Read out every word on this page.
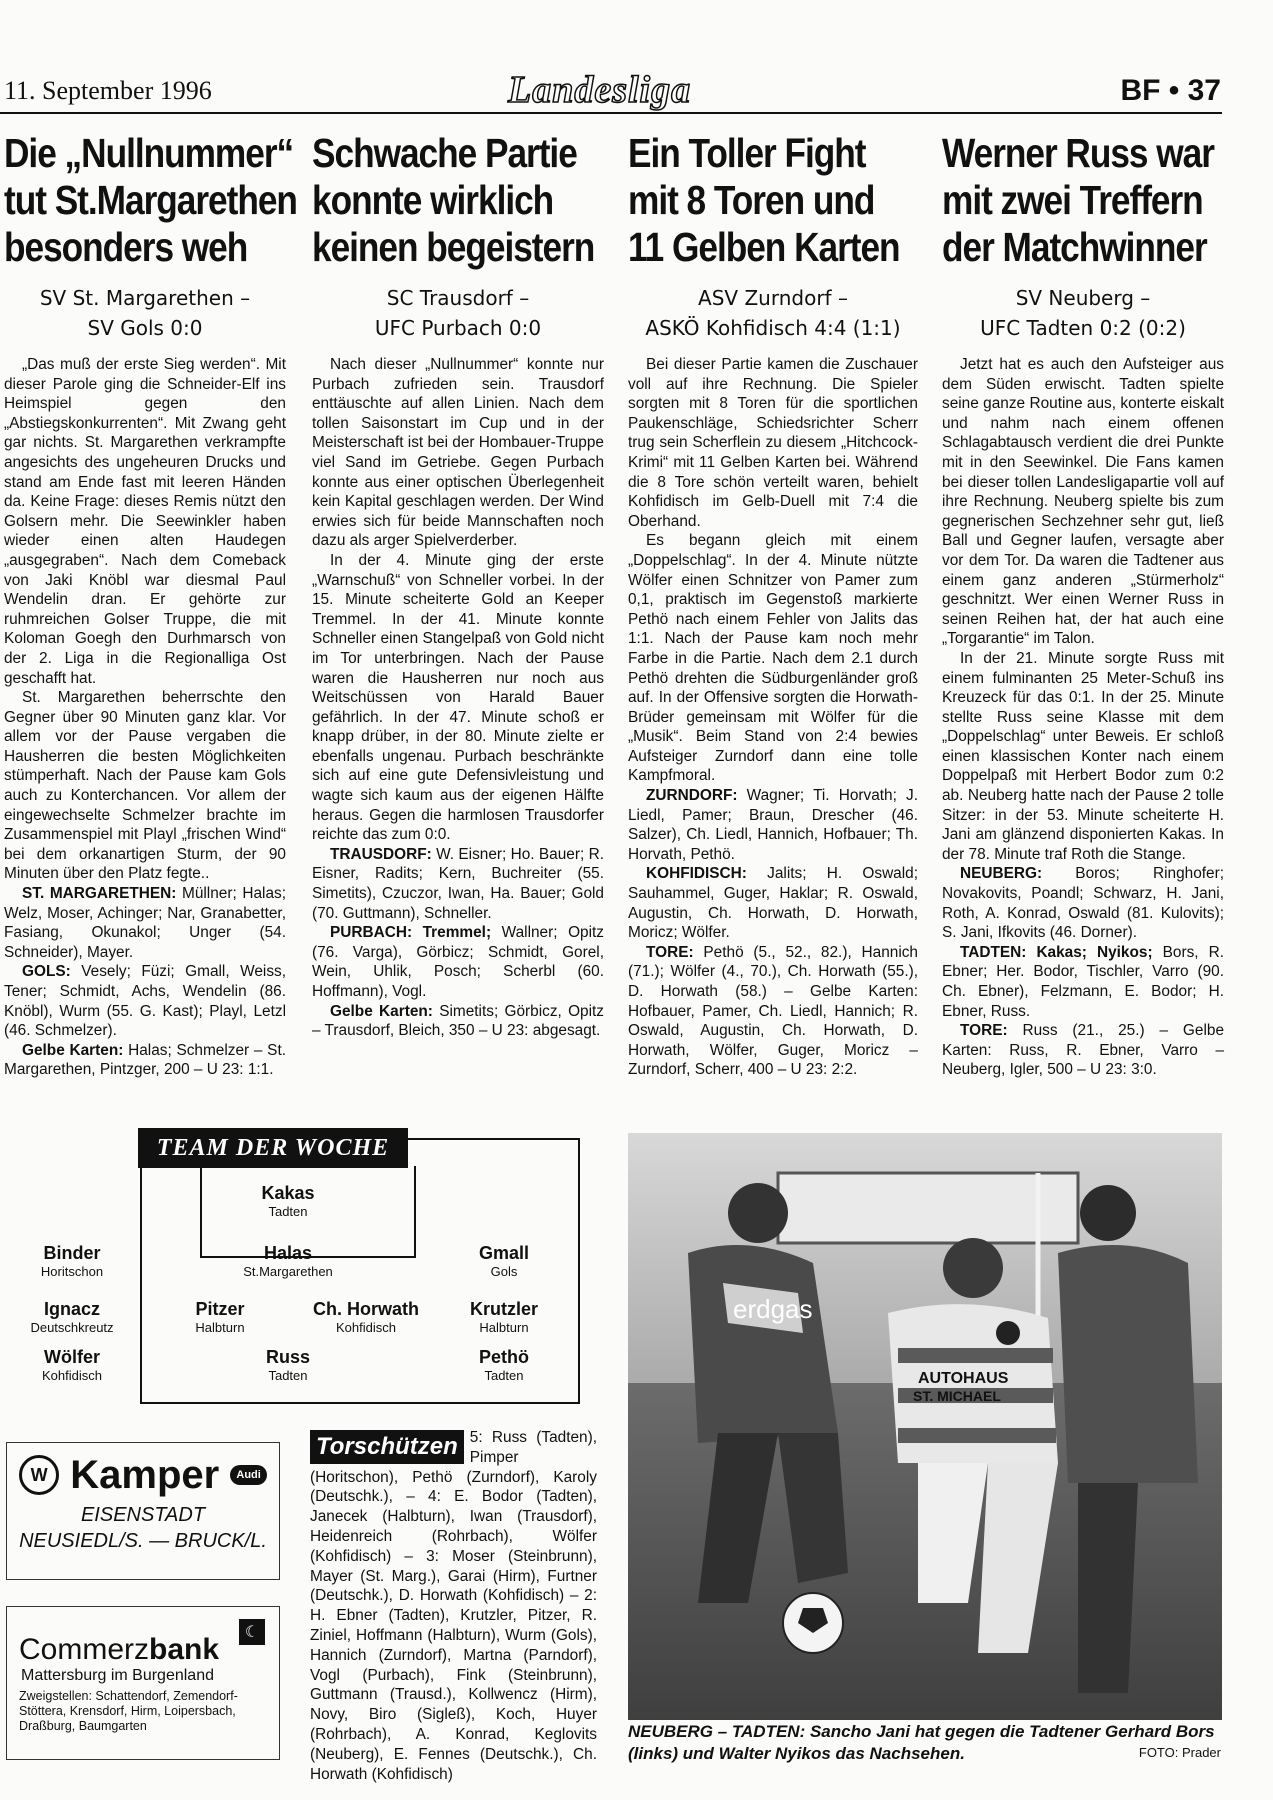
11. September 1996	Landesliga	BF • 37
Die „Nullnummer“
tut St.Margarethen
besonders weh
SV St. Margarethen –
SV Gols 0:0

„Das muß der erste Sieg werden“. Mit dieser Parole ging die Schneider-Elf ins Heimspiel gegen den „Abstiegskonkurrenten“. Mit Zwang geht gar nichts. St. Margarethen verkrampfte angesichts des ungeheuren Drucks und stand am Ende fast mit leeren Händen da. Keine Frage: dieses Remis nützt den Golsern mehr. Die Seewinkler haben wieder einen alten Haudegen „ausgegraben“. Nach dem Comeback von Jaki Knöbl war diesmal Paul Wendelin dran. Er gehörte zur ruhmreichen Golser Truppe, die mit Koloman Goegh den Durhmarsch von der 2. Liga in die Regionalliga Ost geschafft hat.

St. Margarethen beherrschte den Gegner über 90 Minuten ganz klar. Vor allem vor der Pause vergaben die Hausherren die besten Möglichkeiten stümperhaft. Nach der Pause kam Gols auch zu Konterchancen. Vor allem der eingewechselte Schmelzer brachte im Zusammenspiel mit Playl „frischen Wind“ bei dem orkanartigen Sturm, der 90 Minuten über den Platz fegte..

ST. MARGARETHEN: Müllner; Halas; Welz, Moser, Achinger; Nar, Granabetter, Fasiang, Okunakol; Unger (54. Schneider), Mayer.

GOLS: Vesely; Füzi; Gmall, Weiss, Tener; Schmidt, Achs, Wendelin (86. Knöbl), Wurm (55. G. Kast); Playl, Letzl (46. Schmelzer).

Gelbe Karten: Halas; Schmelzer – St. Margarethen, Pintzger, 200 – U 23: 1:1.

Schwache Partie
konnte wirklich
keinen begeistern
SC Trausdorf –
UFC Purbach 0:0

Nach dieser „Nullnummer“ konnte nur Purbach zufrieden sein. Trausdorf enttäuschte auf allen Linien. Nach dem tollen Saisonstart im Cup und in der Meisterschaft ist bei der Hombauer-Truppe viel Sand im Getriebe. Gegen Purbach konnte aus einer optischen Überlegenheit kein Kapital geschlagen werden. Der Wind erwies sich für beide Mannschaften noch dazu als arger Spielverderber.

In der 4. Minute ging der erste „Warnschuß“ von Schneller vorbei. In der 15. Minute scheiterte Gold an Keeper Tremmel. In der 41. Minute konnte Schneller einen Stangelpaß von Gold nicht im Tor unterbringen. Nach der Pause waren die Hausherren nur noch aus Weitschüssen von Harald Bauer gefährlich. In der 47. Minute schoß er knapp drüber, in der 80. Minute zielte er ebenfalls ungenau. Purbach beschränkte sich auf eine gute Defensivleistung und wagte sich kaum aus der eigenen Hälfte heraus. Gegen die harmlosen Trausdorfer reichte das zum 0:0.

TRAUSDORF: W. Eisner; Ho. Bauer; R. Eisner, Radits; Kern, Buchreiter (55. Simetits), Czuczor, Iwan, Ha. Bauer; Gold (70. Guttmann), Schneller.

PURBACH: Tremmel; Wallner; Opitz (76. Varga), Görbicz; Schmidt, Gorel, Wein, Uhlik, Posch; Scherbl (60. Hoffmann), Vogl.

Gelbe Karten: Simetits; Görbicz, Opitz – Trausdorf, Bleich, 350 – U 23: abgesagt.

Ein Toller Fight
mit 8 Toren und
11 Gelben Karten
ASV Zurndorf –
ASKÖ Kohfidisch 4:4 (1:1)

Bei dieser Partie kamen die Zuschauer voll auf ihre Rechnung. Die Spieler sorgten mit 8 Toren für die sportlichen Paukenschläge, Schiedsrichter Scherr trug sein Scherflein zu diesem „Hitchcock-Krimi“ mit 11 Gelben Karten bei. Während die 8 Tore schön verteilt waren, behielt Kohfidisch im Gelb-Duell mit 7:4 die Oberhand.

Es begann gleich mit einem „Doppelschlag“. In der 4. Minute nützte Wölfer einen Schnitzer von Pamer zum 0,1, praktisch im Gegenstoß markierte Pethö nach einem Fehler von Jalits das 1:1. Nach der Pause kam noch mehr Farbe in die Partie. Nach dem 2.1 durch Pethö drehten die Südburgenländer groß auf. In der Offensive sorgten die Horwath-Brüder gemeinsam mit Wölfer für die „Musik“. Beim Stand von 2:4 bewies Aufsteiger Zurndorf dann eine tolle Kampfmoral.

ZURNDORF: Wagner; Ti. Horvath; J. Liedl, Pamer; Braun, Drescher (46. Salzer), Ch. Liedl, Hannich, Hofbauer; Th. Horvath, Pethö.

KOHFIDISCH: Jalits; H. Oswald; Sauhammel, Guger, Haklar; R. Oswald, Augustin, Ch. Horwath, D. Horwath, Moricz; Wölfer.

TORE: Pethö (5., 52., 82.), Hannich (71.); Wölfer (4., 70.), Ch. Horwath (55.), D. Horwath (58.) – Gelbe Karten: Hofbauer, Pamer, Ch. Liedl, Hannich; R. Oswald, Augustin, Ch. Horwath, D. Horwath, Wölfer, Guger, Moricz – Zurndorf, Scherr, 400 – U 23: 2:2.

Werner Russ war
mit zwei Treffern
der Matchwinner
SV Neuberg –
UFC Tadten 0:2 (0:2)

Jetzt hat es auch den Aufsteiger aus dem Süden erwischt. Tadten spielte seine ganze Routine aus, konterte eiskalt und nahm nach einem offenen Schlagabtausch verdient die drei Punkte mit in den Seewinkel. Die Fans kamen bei dieser tollen Landesligapartie voll auf ihre Rechnung. Neuberg spielte bis zum gegnerischen Sechzehner sehr gut, ließ Ball und Gegner laufen, versagte aber vor dem Tor. Da waren die Tadtener aus einem ganz anderen „Stürmerholz“ geschnitzt. Wer einen Werner Russ in seinen Reihen hat, der hat auch eine „Torgarantie“ im Talon.

In der 21. Minute sorgte Russ mit einem fulminanten 25 Meter-Schuß ins Kreuzeck für das 0:1. In der 25. Minute stellte Russ seine Klasse mit dem „Doppelschlag“ unter Beweis. Er schloß einen klassischen Konter nach einem Doppelpaß mit Herbert Bodor zum 0:2 ab. Neuberg hatte nach der Pause 2 tolle Sitzer: in der 53. Minute scheiterte H. Jani am glänzend disponierten Kakas. In der 78. Minute traf Roth die Stange.

NEUBERG: Boros; Ringhofer; Novakovits, Poandl; Schwarz, H. Jani, Roth, A. Konrad, Oswald (81. Kulovits); S. Jani, Ifkovits (46. Dorner).

TADTEN: Kakas; Nyikos; Bors, R. Ebner; Her. Bodor, Tischler, Varro (90. Ch. Ebner), Felzmann, E. Bodor; H. Ebner, Russ.

TORE: Russ (21., 25.) – Gelbe Karten: Russ, R. Ebner, Varro – Neuberg, Igler, 500 – U 23: 3:0.

TEAM DER WOCHE
Kakas
Tadten
Binder
Horitschon
Halas
St.Margarethen
Gmall
Gols
Ignacz
Deutschkreutz
Pitzer
Halbturn
Ch. Horwath
Kohfidisch
Krutzler
Halbturn
Wölfer
Kohfidisch
Russ
Tadten
Pethö
Tadten
W Kamper Audi
EISENSTADT
NEUSIEDL/S. — BRUCK/L.
☾
Commerzbank
Mattersburg im Burgenland
Zweigstellen: Schattendorf, Zemendorf-Stöttera, Krensdorf, Hirm, Loipersbach, Draßburg, Baumgarten
Torschützen 5: Russ (Tadten), Pimper (Horitschon), Pethö (Zurndorf), Karoly (Deutschk.), – 4: E. Bodor (Tadten), Janecek (Halbturn), Iwan (Trausdorf), Heidenreich (Rohrbach), Wölfer (Kohfidisch) – 3: Moser (Steinbrunn), Mayer (St. Marg.), Garai (Hirm), Furtner (Deutschk.), D. Horwath (Kohfidisch) – 2: H. Ebner (Tadten), Krutzler, Pitzer, R. Ziniel, Hoffmann (Halbturn), Wurm (Gols), Hannich (Zurndorf), Martna (Parndorf), Vogl (Purbach), Fink (Steinbrunn), Guttmann (Trausd.), Kollwencz (Hirm), Novy, Biro (Sigleß), Koch, Huyer (Rohrbach), A. Konrad, Keglovits (Neuberg), E. Fennes (Deutschk.), Ch. Horwath (Kohfidisch)
erdgas
AUTOHAUS
ST. MICHAEL
NEUBERG – TADTEN: Sancho Jani hat gegen die Tadtener Gerhard Bors (links) und Walter Nyikos das Nachsehen.	FOTO: Prader
